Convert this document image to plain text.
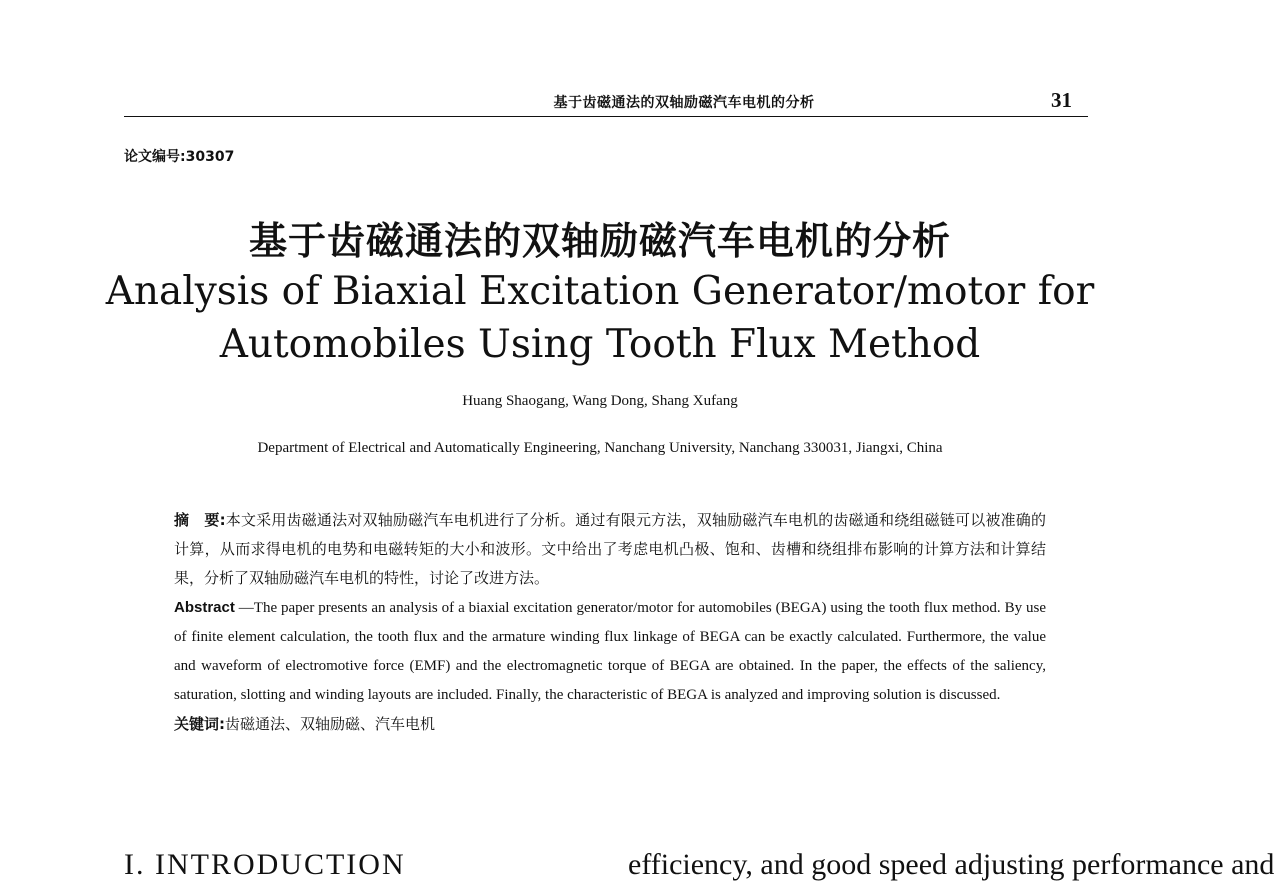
基于齿磁通法的双轴励磁汽车电机的分析	31
论文编号:30307
基于齿磁通法的双轴励磁汽车电机的分析
Analysis of Biaxial Excitation Generator/motor for
Automobiles Using Tooth Flux Method
Huang Shaogang, Wang Dong, Shang Xufang
Department of Electrical and Automatically Engineering, Nanchang University, Nanchang 330031, Jiangxi, China
摘　要:本文采用齿磁通法对双轴励磁汽车电机进行了分析。通过有限元方法，双轴励磁汽车电机的齿磁通和绕组磁链可以被准确的计算，从而求得电机的电势和电磁转矩的大小和波形。文中给出了考虑电机凸极、饱和、齿槽和绕组排布影响的计算方法和计算结果，分析了双轴励磁汽车电机的特性，讨论了改进方法。
Abstract —The paper presents an analysis of a biaxial excitation generator/motor for automobiles (BEGA) using the tooth flux method. By use of finite element calculation, the tooth flux and the armature winding flux linkage of BEGA can be exactly calculated. Furthermore, the value and waveform of electromotive force (EMF) and the electromagnetic torque of BEGA are obtained. In the paper, the effects of the saliency, saturation, slotting and winding layouts are included. Finally, the characteristic of BEGA is analyzed and improving solution is discussed.
关键词:齿磁通法、双轴励磁、汽车电机
I. INTRODUCTION	efficiency, and good speed adjusting performance and
